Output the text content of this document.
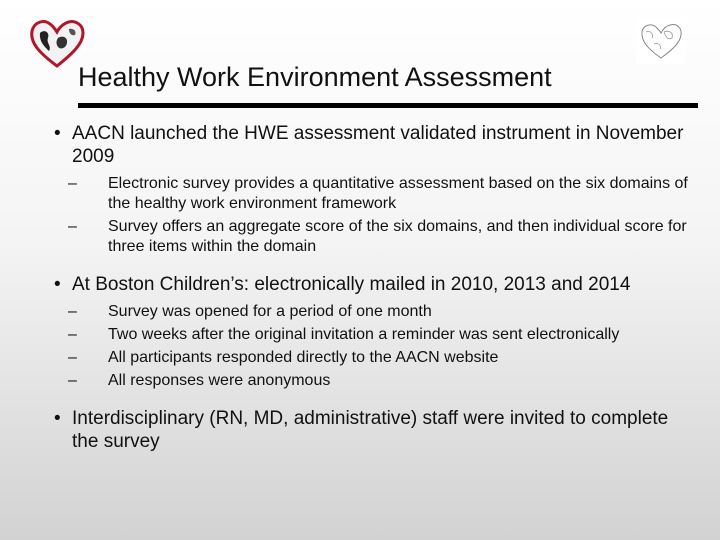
Healthy Work Environment Assessment
• AACN launched the HWE assessment validated instrument in November 2009
– Electronic survey provides a quantitative assessment based on the six domains of the healthy work environment framework
– Survey offers an aggregate score of the six domains, and then individual score for three items within the domain
• At Boston Children’s: electronically mailed in 2010, 2013 and 2014
– Survey was opened for a period of one month
– Two weeks after the original invitation a reminder was sent electronically
– All participants responded directly to the AACN website
– All responses were anonymous
• Interdisciplinary (RN, MD, administrative) staff were invited to complete the survey
